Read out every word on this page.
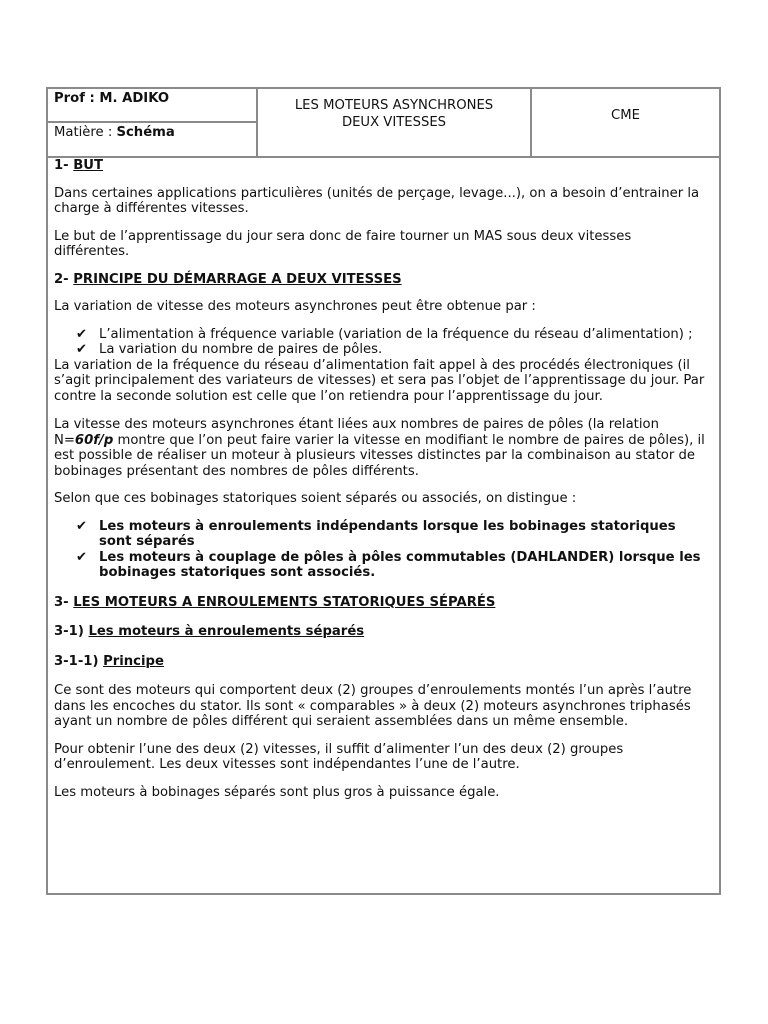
Prof : M. ADIKO
Matière : Schéma
LES MOTEURS ASYNCHRONES
DEUX VITESSES	CME

1- BUT

Dans certaines applications particulières (unités de perçage, levage...), on a besoin d’entrainer la charge à différentes vitesses.

Le but de l’apprentissage du jour sera donc de faire tourner un MAS sous deux vitesses différentes.

2- PRINCIPE DU DÉMARRAGE A DEUX VITESSES

La variation de vitesse des moteurs asynchrones peut être obtenue par :

✔ L’alimentation à fréquence variable (variation de la fréquence du réseau d’alimentation) ;
✔ La variation du nombre de paires de pôles.

La variation de la fréquence du réseau d’alimentation fait appel à des procédés électroniques (il s’agit principalement des variateurs de vitesses) et sera pas l’objet de l’apprentissage du jour. Par contre la seconde solution est celle que l’on retiendra pour l’apprentissage du jour.

La vitesse des moteurs asynchrones étant liées aux nombres de paires de pôles (la relation N=60f/p montre que l’on peut faire varier la vitesse en modifiant le nombre de paires de pôles), il est possible de réaliser un moteur à plusieurs vitesses distinctes par la combinaison au stator de bobinages présentant des nombres de pôles différents.

Selon que ces bobinages statoriques soient séparés ou associés, on distingue :

✔ Les moteurs à enroulements indépendants lorsque les bobinages statoriques sont séparés
✔ Les moteurs à couplage de pôles à pôles commutables (DAHLANDER) lorsque les bobinages statoriques sont associés.

3- LES MOTEURS A ENROULEMENTS STATORIQUES SÉPARÉS

3-1) Les moteurs à enroulements séparés

3-1-1) Principe

Ce sont des moteurs qui comportent deux (2) groupes d’enroulements montés l’un après l’autre dans les encoches du stator. Ils sont « comparables » à deux (2) moteurs asynchrones triphasés ayant un nombre de pôles différent qui seraient assemblées dans un même ensemble.

Pour obtenir l’une des deux (2) vitesses, il suffit d’alimenter l’un des deux (2) groupes d’enroulement. Les deux vitesses sont indépendantes l’une de l’autre.

Les moteurs à bobinages séparés sont plus gros à puissance égale.
